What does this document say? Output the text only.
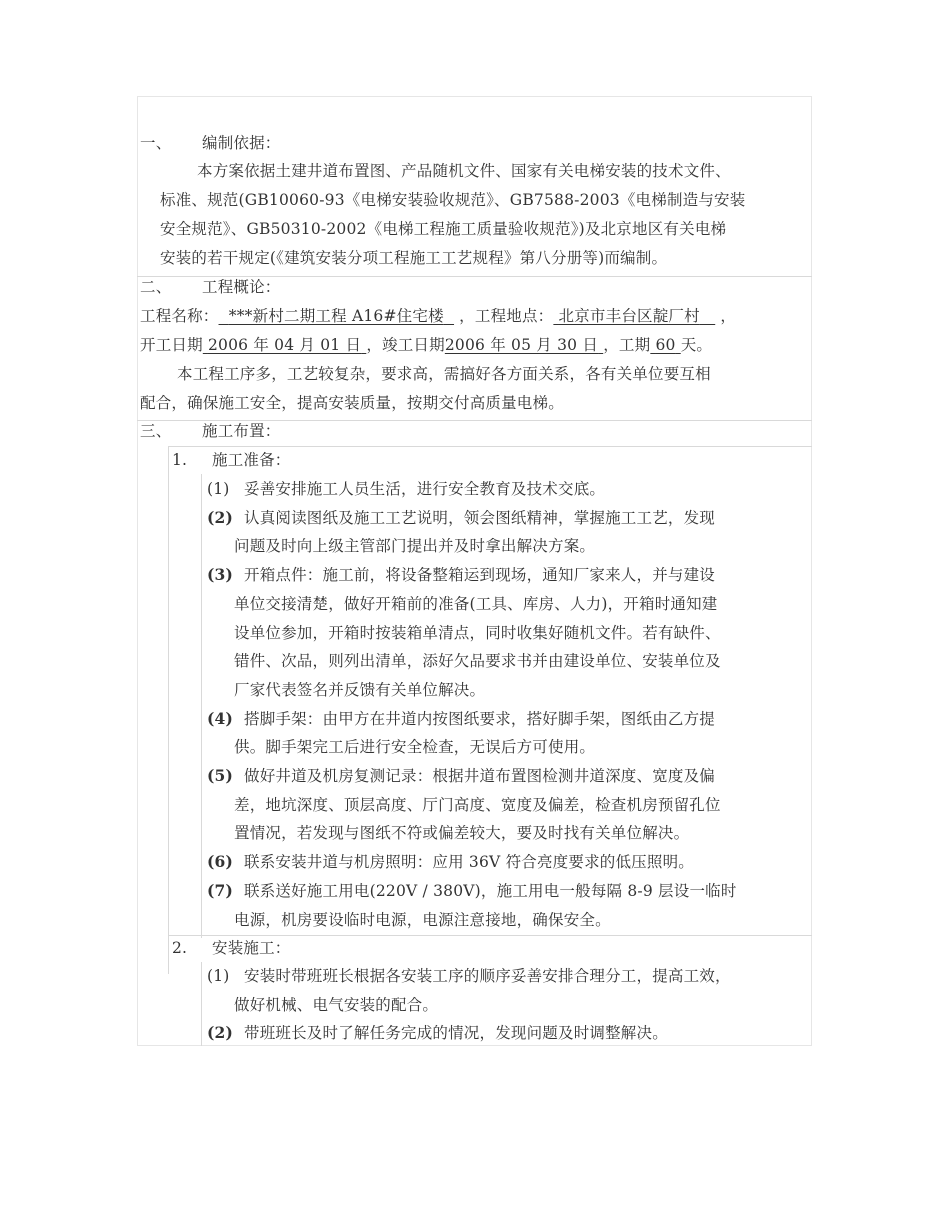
一、 编制依据：
本方案依据土建井道布置图、产品随机文件、国家有关电梯安装的技术文件、
标准、规范(GB10060-93《电梯安装验收规范》、GB7588-2003《电梯制造与安装
安全规范》、GB50310-2002《电梯工程施工质量验收规范》)及北京地区有关电梯
安装的若干规定(《建筑安装分项工程施工工艺规程》第八分册等)而编制。
二、 工程概论：
工程名称： ***新村二期工程 A16#住宅楼 ，工程地点： 北京市丰台区靛厂村 ，
开工日期 2006 年 04 月 01 日 ，竣工日期2006 年 05 月 30 日 ，工期 60 天。
本工程工序多，工艺较复杂，要求高，需搞好各方面关系，各有关单位要互相
配合，确保施工安全，提高安装质量，按期交付高质量电梯。
三、 施工布置：
1. 施工准备：
(1) 妥善安排施工人员生活，进行安全教育及技术交底。
(2) 认真阅读图纸及施工工艺说明，领会图纸精神，掌握施工工艺，发现
问题及时向上级主管部门提出并及时拿出解决方案。
(3) 开箱点件：施工前，将设备整箱运到现场，通知厂家来人，并与建设
单位交接清楚，做好开箱前的准备(工具、库房、人力)，开箱时通知建
设单位参加，开箱时按装箱单清点，同时收集好随机文件。若有缺件、
错件、次品，则列出清单，添好欠品要求书并由建设单位、安装单位及
厂家代表签名并反馈有关单位解决。
(4) 搭脚手架：由甲方在井道内按图纸要求，搭好脚手架，图纸由乙方提
供。脚手架完工后进行安全检查，无误后方可使用。
(5) 做好井道及机房复测记录：根据井道布置图检测井道深度、宽度及偏
差，地坑深度、顶层高度、厅门高度、宽度及偏差，检查机房预留孔位
置情况，若发现与图纸不符或偏差较大，要及时找有关单位解决。
(6) 联系安装井道与机房照明：应用 36V 符合亮度要求的低压照明。
(7) 联系送好施工用电(220V / 380V)，施工用电一般每隔 8-9 层设一临时
电源，机房要设临时电源，电源注意接地，确保安全。
2. 安装施工：
(1) 安装时带班班长根据各安装工序的顺序妥善安排合理分工，提高工效，
做好机械、电气安装的配合。
(2) 带班班长及时了解任务完成的情况，发现问题及时调整解决。
